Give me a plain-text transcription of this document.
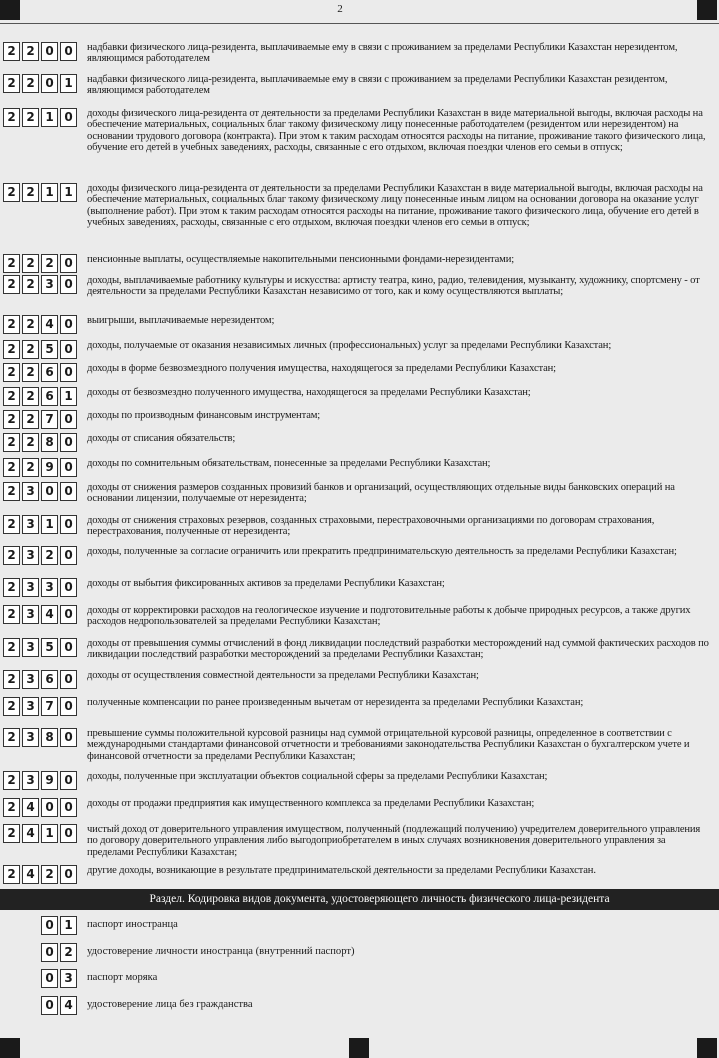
2
2 2 0 0	надбавки физического лица-резидента, выплачиваемые ему в связи с проживанием за пределами Республики Казахстан нерезидентом, являющимся работодателем
2 2 0 1	надбавки физического лица-резидента, выплачиваемые ему в связи с проживанием за пределами Республики Казахстан резидентом, являющимся работодателем
2 2 1 0	доходы физического лица-резидента от деятельности за пределами Республики Казахстан в виде материальной выгоды, включая расходы на обеспечение материальных, социальных благ такому физическому лицу понесенные работодателем (резидентом или нерезидентом) на основании трудового договора (контракта). При этом к таким расходам относятся расходы на питание, проживание такого физического лица, обучение его детей в учебных заведениях, расходы, связанные с его отдыхом, включая поездки членов его семьи в отпуск;
2 2 1 1	доходы физического лица-резидента от деятельности за пределами Республики Казахстан в виде материальной выгоды, включая расходы на обеспечение материальных, социальных благ такому физическому лицу понесенные иным лицом на основании договора на оказание услуг (выполнение работ). При этом к таким расходам относятся расходы на питание, проживание такого физического лица, обучение его детей в учебных заведениях, расходы, связанные с его отдыхом, включая поездки членов его семьи в отпуск;
2 2 2 0	пенсионные выплаты, осуществляемые накопительными пенсионными фондами-нерезидентами;
2 2 3 0	доходы, выплачиваемые работнику культуры и искусства: артисту театра, кино, радио, телевидения, музыканту, художнику, спортсмену - от деятельности за пределами Республики Казахстан независимо от того, как и кому осуществляются выплаты;
2 2 4 0	выигрыши, выплачиваемые нерезидентом;
2 2 5 0	доходы, получаемые от оказания независимых личных (профессиональных) услуг за пределами Республики Казахстан;
2 2 6 0	доходы в форме безвозмездного получения имущества, находящегося за пределами Республики Казахстан;
2 2 6 1	доходы от безвозмездно полученного имущества, находящегося за пределами Республики Казахстан;
2 2 7 0	доходы по производным финансовым инструментам;
2 2 8 0	доходы от списания обязательств;
2 2 9 0	доходы по сомнительным обязательствам, понесенные за пределами Республики Казахстан;
2 3 0 0	доходы от снижения размеров созданных провизий банков и организаций, осуществляющих отдельные виды банковских операций на основании лицензии, получаемые от нерезидента;
2 3 1 0	доходы от снижения страховых резервов, созданных страховыми, перестраховочными организациями по договорам страхования, перестрахования, полученные от нерезидента;
2 3 2 0	доходы, полученные за согласие ограничить или прекратить предпринимательскую деятельность за пределами Республики Казахстан;
2 3 3 0	доходы от выбытия фиксированных активов за пределами Республики Казахстан;
2 3 4 0	доходы от корректировки расходов на геологическое изучение и подготовительные работы к добыче природных ресурсов, а также других расходов недропользователей за пределами Республики Казахстан;
2 3 5 0	доходы от превышения суммы отчислений в фонд ликвидации последствий разработки месторождений над суммой фактических расходов по ликвидации последствий разработки месторождений за пределами Республики Казахстан;
2 3 6 0	доходы от осуществления совместной деятельности за пределами Республики Казахстан;
2 3 7 0	полученные компенсации по ранее произведенным вычетам от нерезидента за пределами Республики Казахстан;
2 3 8 0	превышение суммы положительной курсовой разницы над суммой отрицательной курсовой разницы, определенное в соответствии с международными стандартами финансовой отчетности и требованиями законодательства Республики Казахстан о бухгалтерском учете и финансовой отчетности за пределами Республики Казахстан;
2 3 9 0	доходы, полученные при эксплуатации объектов социальной сферы за пределами Республики Казахстан;
2 4 0 0	доходы от продажи предприятия как имущественного комплекса за пределами Республики Казахстан;
2 4 1 0	чистый доход от доверительного управления имуществом, полученный (подлежащий получению) учредителем доверительного управления по договору доверительного управления либо выгодоприобретателем в иных случаях возникновения доверительного управления за пределами Республики Казахстан;
2 4 2 0	другие доходы, возникающие в результате предпринимательской деятельности за пределами Республики Казахстан.
Раздел. Кодировка видов документа, удостоверяющего личность физического лица-резидента
0 1	паспорт иностранца
0 2	удостоверение личности иностранца (внутренний паспорт)
0 3	паспорт моряка
0 4	удостоверение лица без гражданства
